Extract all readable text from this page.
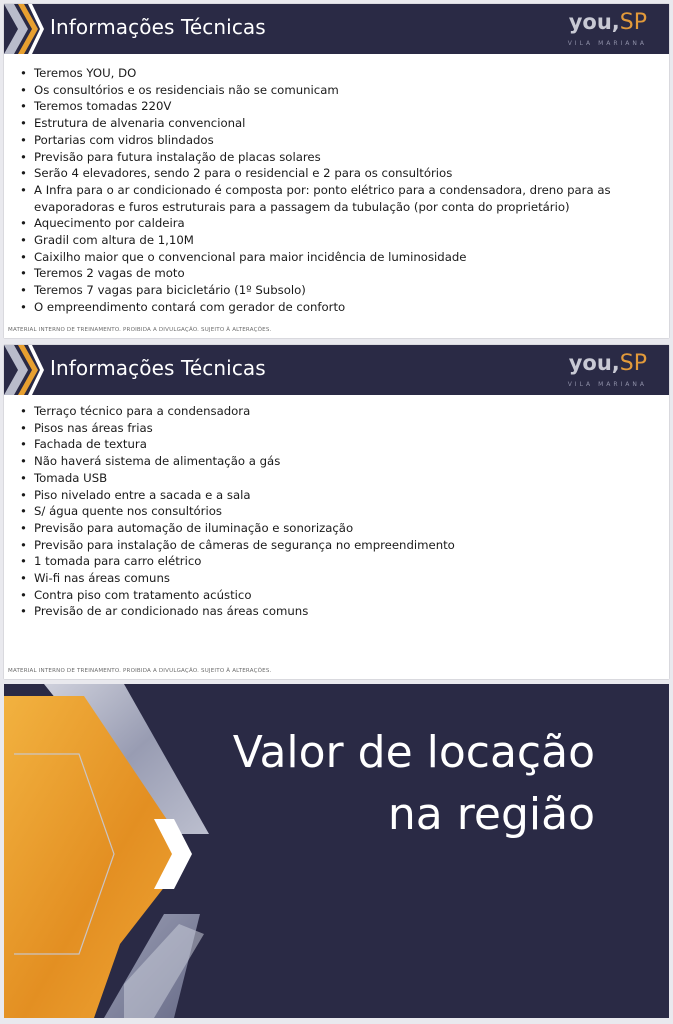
Informações Técnicas	you,SP
VILA MARIANA
• Teremos YOU, DO
• Os consultórios e os residenciais não se comunicam
• Teremos tomadas 220V
• Estrutura de alvenaria convencional
• Portarias com vidros blindados
• Previsão para futura instalação de placas solares
• Serão 4 elevadores, sendo 2 para o residencial e 2 para os consultórios
• A Infra para o ar condicionado é composta por: ponto elétrico para a condensadora, dreno para as evaporadoras e furos estruturais para a passagem da tubulação (por conta do proprietário)
• Aquecimento por caldeira
• Gradil com altura de 1,10M
• Caixilho maior que o convencional para maior incidência de luminosidade
• Teremos 2 vagas de moto
• Teremos 7 vagas para bicicletário (1º Subsolo)
• O empreendimento contará com gerador de conforto
MATERIAL INTERNO DE TREINAMENTO. PROIBIDA A DIVULGAÇÃO. SUJEITO À ALTERAÇÕES.
Informações Técnicas	you,SP
VILA MARIANA
• Terraço técnico para a condensadora
• Pisos nas áreas frias
• Fachada de textura
• Não haverá sistema de alimentação a gás
• Tomada USB
• Piso nivelado entre a sacada e a sala
• S/ água quente nos consultórios
• Previsão para automação de iluminação e sonorização
• Previsão para instalação de câmeras de segurança no empreendimento
• 1 tomada para carro elétrico
• Wi-fi nas áreas comuns
• Contra piso com tratamento acústico
• Previsão de ar condicionado nas áreas comuns
MATERIAL INTERNO DE TREINAMENTO. PROIBIDA A DIVULGAÇÃO. SUJEITO À ALTERAÇÕES.
Valor de locação
na região
